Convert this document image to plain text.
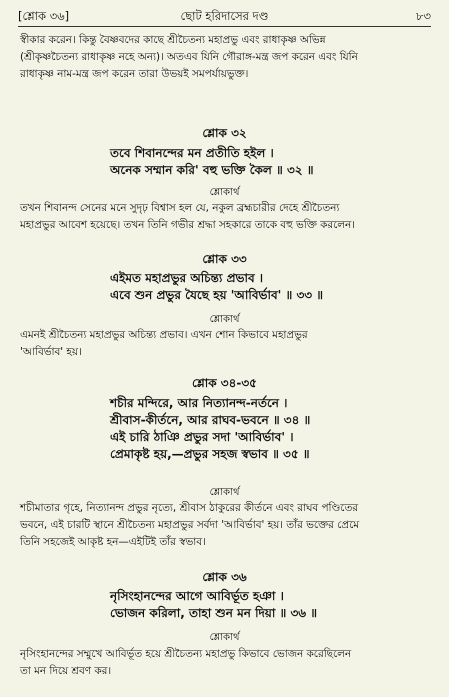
[শ্লোক ৩৬]	ছোট হরিদাসের দণ্ড	৮৩
স্বীকার করেন। কিন্তু বৈষ্ণবদের কাছে শ্রীচৈতন্য মহাপ্রভু এবং রাধাকৃষ্ণ অভিন্ন
(শ্রীকৃষ্ণচৈতন্য রাধাকৃষ্ণ নহে অন্য)। অতএব যিনি গৌরাঙ্গ-মন্ত্র জপ করেন এবং যিনি
রাধাকৃষ্ণ নাম-মন্ত্র জপ করেন তারা উভয়ই সমপর্যায়ভুক্ত।
শ্লোক ৩২
তবে শিবানন্দের মন প্রতীতি হইল ।
অনেক সম্মান করি' বহু ভক্তি কৈল ॥ ৩২ ॥
শ্লোকার্থ
তখন শিবানন্দ সেনের মনে সুদৃঢ় বিশ্বাস হল যে, নকুল ব্রহ্মচারীর দেহে শ্রীচৈতন্য
মহাপ্রভুর আবেশ হয়েছে। তখন তিনি গভীর শ্রদ্ধা সহকারে তাকে বহু ভক্তি করলেন।
শ্লোক ৩৩
এইমত মহাপ্রভুর অচিন্ত্য প্রভাব ।
এবে শুন প্রভুর যৈছে হয় 'আবির্ভাব' ॥ ৩৩ ॥
শ্লোকার্থ
এমনই শ্রীচৈতন্য মহাপ্রভুর অচিন্ত্য প্রভাব। এখন শোন কিভাবে মহাপ্রভুর
'আবির্ভাব' হয়।
শ্লোক ৩৪-৩৫
শচীর মন্দিরে, আর নিত্যানন্দ-নর্তনে ।
শ্রীবাস-কীর্তনে, আর রাঘব-ভবনে ॥ ৩৪ ॥
এই চারি ঠাঞি প্রভুর সদা 'আবির্ভাব' ।
প্রেমাকৃষ্ট হয়,—প্রভুর সহজ স্বভাব ॥ ৩৫ ॥
শ্লোকার্থ
শচীমাতার গৃহে, নিত্যানন্দ প্রভুর নৃত্যে, শ্রীবাস ঠাকুরের কীর্তনে এবং রাঘব পণ্ডিতের
ভবনে, এই চারটি স্থানে শ্রীচৈতন্য মহাপ্রভুর সর্বদা 'আবির্ভাব' হয়। তাঁর ভক্তের প্রেমে
তিনি সহজেই আকৃষ্ট হন—এইটিই তাঁর স্বভাব।
শ্লোক ৩৬
নৃসিংহানন্দের আগে আবির্ভূত হঞা ।
ভোজন করিলা, তাহা শুন মন দিয়া ॥ ৩৬ ॥
শ্লোকার্থ
নৃসিংহানন্দের সম্মুখে আবির্ভূত হয়ে শ্রীচৈতন্য মহাপ্রভু কিভাবে ভোজন করেছিলেন
তা মন দিয়ে শ্রবণ কর।
